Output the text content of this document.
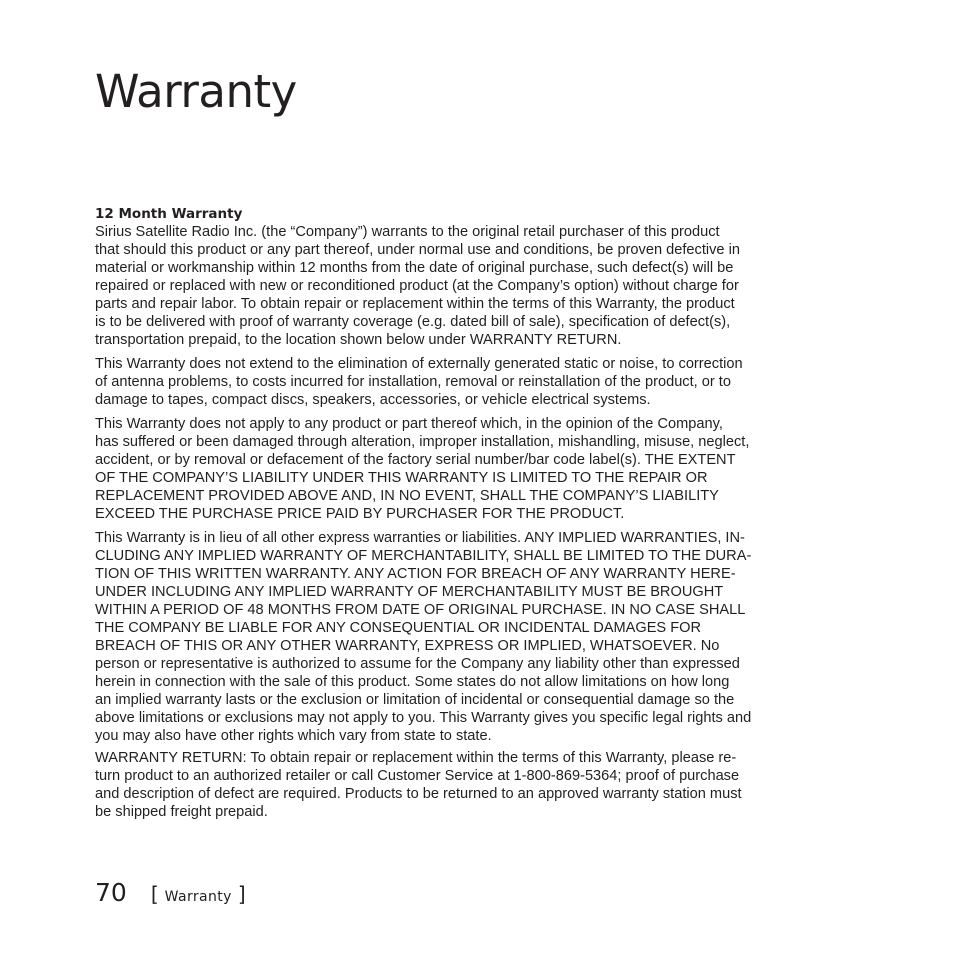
Warranty
12 Month Warranty

Sirius Satellite Radio Inc. (the “Company”) warrants to the original retail purchaser of this product
that should this product or any part thereof, under normal use and conditions, be proven defective in
material or workmanship within 12 months from the date of original purchase, such defect(s) will be
repaired or replaced with new or reconditioned product (at the Company’s option) without charge for
parts and repair labor. To obtain repair or replacement within the terms of this Warranty, the product
is to be delivered with proof of warranty coverage (e.g. dated bill of sale), specification of defect(s),
transportation prepaid, to the location shown below under WARRANTY RETURN.

This Warranty does not extend to the elimination of externally generated static or noise, to correction
of antenna problems, to costs incurred for installation, removal or reinstallation of the product, or to
damage to tapes, compact discs, speakers, accessories, or vehicle electrical systems.

This Warranty does not apply to any product or part thereof which, in the opinion of the Company,
has suffered or been damaged through alteration, improper installation, mishandling, misuse, neglect,
accident, or by removal or defacement of the factory serial number/bar code label(s). THE EXTENT
OF THE COMPANY’S LIABILITY UNDER THIS WARRANTY IS LIMITED TO THE REPAIR OR
REPLACEMENT PROVIDED ABOVE AND, IN NO EVENT, SHALL THE COMPANY’S LIABILITY
EXCEED THE PURCHASE PRICE PAID BY PURCHASER FOR THE PRODUCT.

This Warranty is in lieu of all other express warranties or liabilities. ANY IMPLIED WARRANTIES, IN-
CLUDING ANY IMPLIED WARRANTY OF MERCHANTABILITY, SHALL BE LIMITED TO THE DURA-
TION OF THIS WRITTEN WARRANTY. ANY ACTION FOR BREACH OF ANY WARRANTY HERE-
UNDER INCLUDING ANY IMPLIED WARRANTY OF MERCHANTABILITY MUST BE BROUGHT
WITHIN A PERIOD OF 48 MONTHS FROM DATE OF ORIGINAL PURCHASE. IN NO CASE SHALL
THE COMPANY BE LIABLE FOR ANY CONSEQUENTIAL OR INCIDENTAL DAMAGES FOR
BREACH OF THIS OR ANY OTHER WARRANTY, EXPRESS OR IMPLIED, WHATSOEVER. No
person or representative is authorized to assume for the Company any liability other than expressed
herein in connection with the sale of this product. Some states do not allow limitations on how long
an implied warranty lasts or the exclusion or limitation of incidental or consequential damage so the
above limitations or exclusions may not apply to you. This Warranty gives you specific legal rights and
you may also have other rights which vary from state to state.

WARRANTY RETURN: To obtain repair or replacement within the terms of this Warranty, please re-
turn product to an authorized retailer or call Customer Service at 1-800-869-5364; proof of purchase
and description of defect are required. Products to be returned to an approved warranty station must
be shipped freight prepaid.

70 [ Warranty ]
